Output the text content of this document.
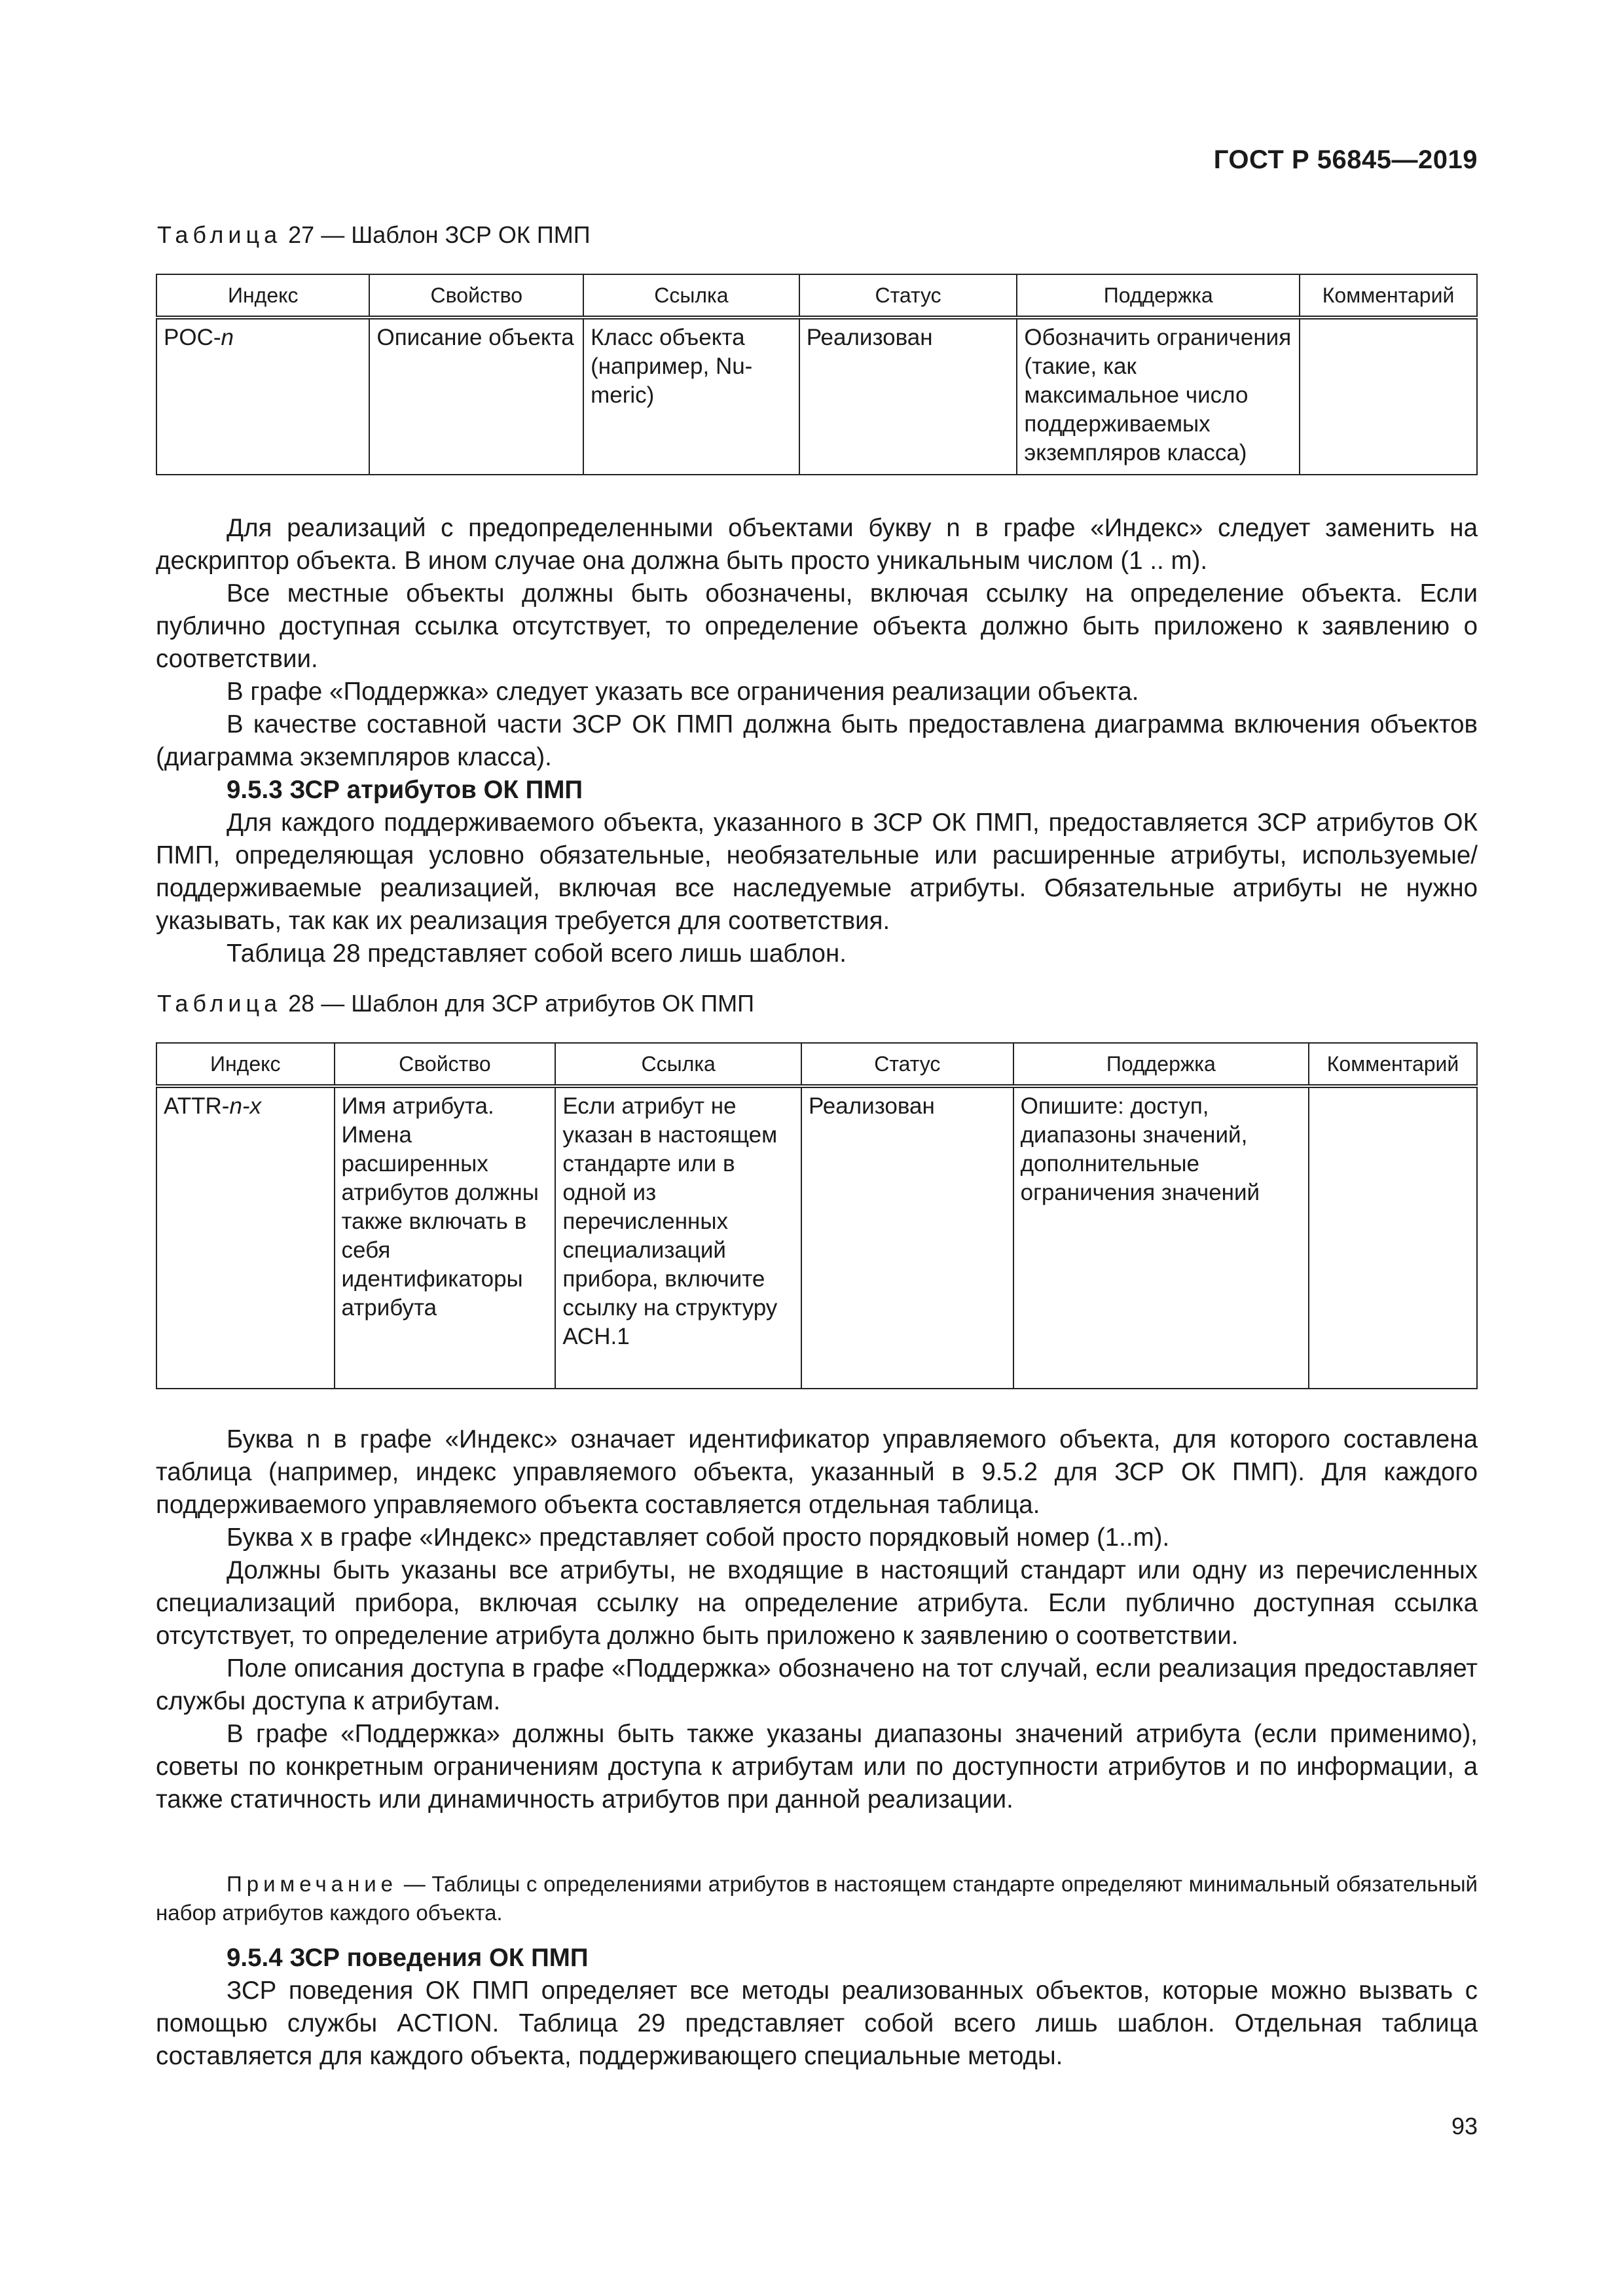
ГОСТ Р 56845—2019
Таблица 27 — Шаблон ЗСР ОК ПМП
Индекс	Свойство	Ссылка	Статус	Поддержка	Комментарий
POC-n	Описание объекта	Класс объекта (например, Nu-meric)	Реализован	Обозначить ограничения (такие, как максимальное число поддерживаемых экземпляров класса)	

Для реализаций с предопределенными объектами букву n в графе «Индекс» следует заменить на дескриптор объекта. В ином случае она должна быть просто уникальным числом (1 .. m).

Все местные объекты должны быть обозначены, включая ссылку на определение объекта. Если публично доступная ссылка отсутствует, то определение объекта должно быть приложено к заявлению о соответствии.

В графе «Поддержка» следует указать все ограничения реализации объекта.

В качестве составной части ЗСР ОК ПМП должна быть предоставлена диаграмма включения объектов (диаграмма экземпляров класса).

9.5.3 ЗСР атрибутов ОК ПМП

Для каждого поддерживаемого объекта, указанного в ЗСР ОК ПМП, предоставляется ЗСР атрибутов ОК ПМП, определяющая условно обязательные, необязательные или расширенные атрибуты, используемые/поддерживаемые реализацией, включая все наследуемые атрибуты. Обязательные атрибуты не нужно указывать, так как их реализация требуется для соответствия.

Таблица 28 представляет собой всего лишь шаблон.

Таблица 28 — Шаблон для ЗСР атрибутов ОК ПМП
Индекс	Свойство	Ссылка	Статус	Поддержка	Комментарий
ATTR-n-x	Имя атрибута. Имена расширенных атрибутов должны также включать в себя идентификаторы атрибута	Если атрибут не указан в настоящем стандарте или в одной из перечисленных специализаций прибора, включите ссылку на структуру АСН.1	Реализован	Опишите: доступ, диапазоны значений, дополнительные ограничения значений	

Буква n в графе «Индекс» означает идентификатор управляемого объекта, для которого составлена таблица (например, индекс управляемого объекта, указанный в 9.5.2 для ЗСР ОК ПМП). Для каждого поддерживаемого управляемого объекта составляется отдельная таблица.

Буква x в графе «Индекс» представляет собой просто порядковый номер (1..m).

Должны быть указаны все атрибуты, не входящие в настоящий стандарт или одну из перечисленных специализаций прибора, включая ссылку на определение атрибута. Если публично доступная ссылка отсутствует, то определение атрибута должно быть приложено к заявлению о соответствии.

Поле описания доступа в графе «Поддержка» обозначено на тот случай, если реализация предоставляет службы доступа к атрибутам.

В графе «Поддержка» должны быть также указаны диапазоны значений атрибута (если применимо), советы по конкретным ограничениям доступа к атрибутам или по доступности атрибутов и по информации, а также статичность или динамичность атрибутов при данной реализации.

Примечание — Таблицы с определениями атрибутов в настоящем стандарте определяют минимальный обязательный набор атрибутов каждого объекта.

9.5.4 ЗСР поведения ОК ПМП

ЗСР поведения ОК ПМП определяет все методы реализованных объектов, которые можно вызвать с помощью службы ACTION. Таблица 29 представляет собой всего лишь шаблон. Отдельная таблица составляется для каждого объекта, поддерживающего специальные методы.

93
